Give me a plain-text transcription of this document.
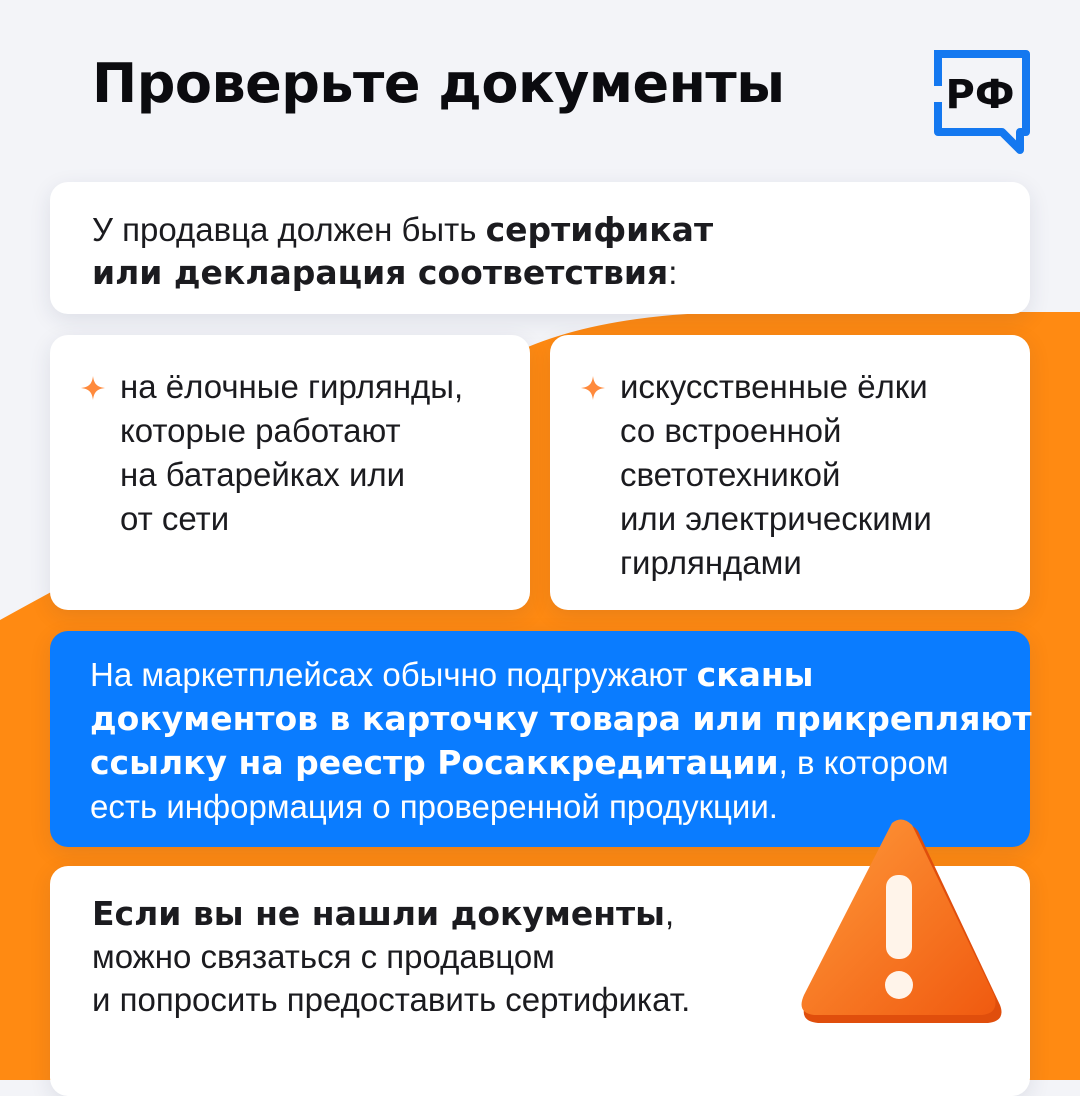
Проверьте документы	РФ
У продавца должен быть сертификат
или декларация соответствия:
на ёлочные гирлянды,
которые работают
на батарейках или
от сети
искусственные ёлки
со встроенной
светотехникой
или электрическими
гирляндами
На маркетплейсах обычно подгружают сканы
документов в карточку товара или прикрепляют
ссылку на реестр Росаккредитации, в котором
есть информация о проверенной продукции.
Если вы не нашли документы,
можно связаться с продавцом
и попросить предоставить сертификат.
